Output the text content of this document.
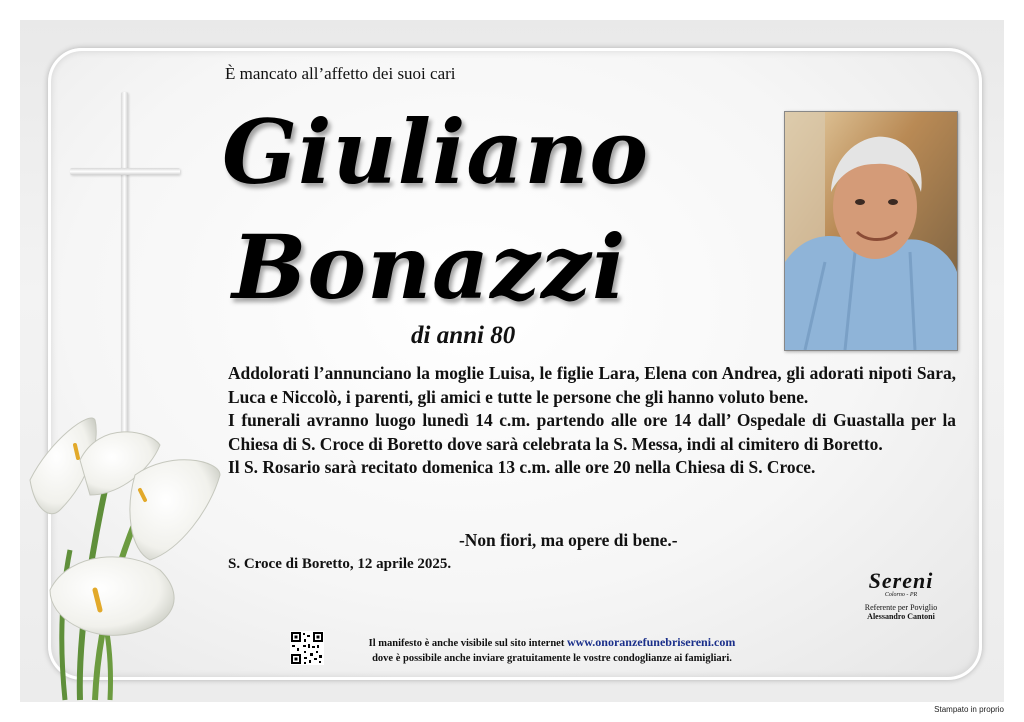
È mancato all’affetto dei suoi cari
Giuliano
Bonazzi
di anni 80

Addolorati l’annunciano la moglie Luisa, le figlie Lara, Elena con Andrea, gli adorati nipoti Sara, Luca e Niccolò, i parenti, gli amici e tutte le persone che gli hanno voluto bene.

I funerali avranno luogo lunedì 14 c.m. partendo alle ore 14 dall’ Ospedale di Guastalla per la Chiesa di S. Croce di Boretto dove sarà celebrata la S. Messa, indi al cimitero di Boretto.

Il S. Rosario sarà recitato domenica 13 c.m. alle ore 20 nella Chiesa di S. Croce.

-Non fiori, ma opere di bene.-
S. Croce di Boretto, 12 aprile 2025.
Sereni
Colorno - PR
Referente per Poviglio
Alessandro Cantoni
Il manifesto è anche visibile sul sito internet www.onoranzefunebrisereni.com
dove è possibile anche inviare gratuitamente le vostre condoglianze ai famigliari.
Stampato in proprio
